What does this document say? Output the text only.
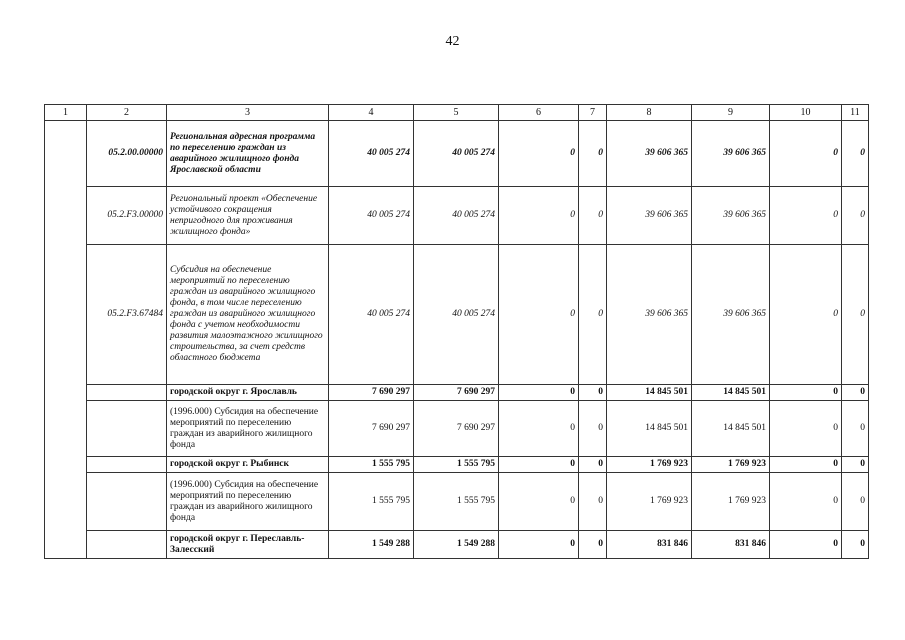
42
1	2	3	4	5	6	7	8	9	10	11
	05.2.00.00000	Региональная адресная программа по переселению граждан из аварийного жилищного фонда Ярославской области	40 005 274	40 005 274	0	0	39 606 365	39 606 365	0	0
	05.2.F3.00000	Региональный проект «Обеспечение устойчивого сокращения непригодного для проживания жилищного фонда»	40 005 274	40 005 274	0	0	39 606 365	39 606 365	0	0
	05.2.F3.67484	Субсидия на обеспечение мероприятий по переселению граждан из аварийного жилищного фонда, в том числе переселению граждан из аварийного жилищного фонда с учетом необходимости развития малоэтажного жилищного строительства, за счет средств областного бюджета	40 005 274	40 005 274	0	0	39 606 365	39 606 365	0	0
		городской округ г. Ярославль	7 690 297	7 690 297	0	0	14 845 501	14 845 501	0	0
		(1996.000) Субсидия на обеспечение мероприятий по переселению граждан из аварийного жилищного фонда	7 690 297	7 690 297	0	0	14 845 501	14 845 501	0	0
		городской округ г. Рыбинск	1 555 795	1 555 795	0	0	1 769 923	1 769 923	0	0
		(1996.000) Субсидия на обеспечение мероприятий по переселению граждан из аварийного жилищного фонда	1 555 795	1 555 795	0	0	1 769 923	1 769 923	0	0
		городской округ г. Переславль-Залесский	1 549 288	1 549 288	0	0	831 846	831 846	0	0
